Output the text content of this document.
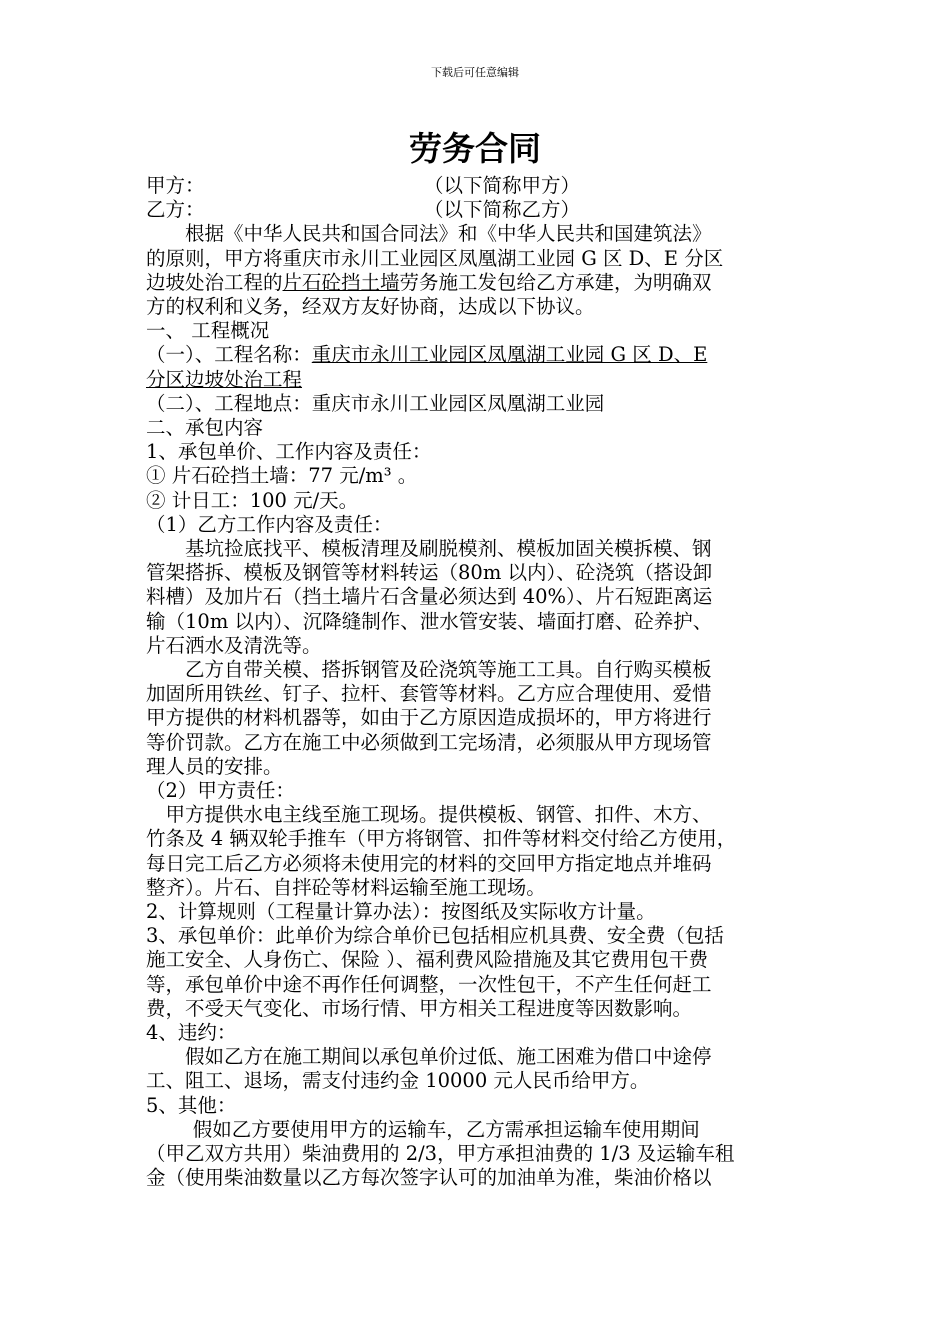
下载后可任意编辑
劳务合同

甲方：	（以下简称甲方）

乙方：	（以下简称乙方）

根据《中华人民共和国合同法》和《中华人民共和国建筑法》

的原则，甲方将重庆市永川工业园区凤凰湖工业园 G 区 D、E 分区

边坡处治工程的片石砼挡土墙劳务施工发包给乙方承建，为明确双

方的权利和义务，经双方友好协商，达成以下协议。

一、 工程概况

（一）、工程名称：重庆市永川工业园区凤凰湖工业园 G 区 D、E

分区边坡处治工程

（二）、工程地点：重庆市永川工业园区凤凰湖工业园

二、承包内容

1、承包单价、工作内容及责任：

① 片石砼挡土墙：77 元/m³ 。

② 计日工：100 元/天。

（1）乙方工作内容及责任：

基坑捡底找平、模板清理及刷脱模剂、模板加固关模拆模、钢

管架搭拆、模板及钢管等材料转运（80m 以内）、砼浇筑（搭设卸

料槽）及加片石（挡土墙片石含量必须达到 40%）、片石短距离运

输（10m 以内）、沉降缝制作、泄水管安装、墙面打磨、砼养护、

片石洒水及清洗等。

乙方自带关模、搭拆钢管及砼浇筑等施工工具。自行购买模板

加固所用铁丝、钉子、拉杆、套管等材料。乙方应合理使用、爱惜

甲方提供的材料机器等，如由于乙方原因造成损坏的，甲方将进行

等价罚款。乙方在施工中必须做到工完场清，必须服从甲方现场管

理人员的安排。

（2）甲方责任：

甲方提供水电主线至施工现场。提供模板、钢管、扣件、木方、

竹条及 4 辆双轮手推车（甲方将钢管、扣件等材料交付给乙方使用，

每日完工后乙方必须将未使用完的材料的交回甲方指定地点并堆码

整齐）。片石、自拌砼等材料运输至施工现场。

2、计算规则（工程量计算办法）：按图纸及实际收方计量。

3、承包单价：此单价为综合单价已包括相应机具费、安全费（包括

施工安全、人身伤亡、保险 ）、福利费风险措施及其它费用包干费

等，承包单价中途不再作任何调整，一次性包干，不产生任何赶工

费，不受天气变化、市场行情、甲方相关工程进度等因数影响。

4、违约：

假如乙方在施工期间以承包单价过低、施工困难为借口中途停

工、阻工、退场，需支付违约金 10000 元人民币给甲方。

5、其他：

假如乙方要使用甲方的运输车，乙方需承担运输车使用期间

（甲乙双方共用）柴油费用的 2/3，甲方承担油费的 1/3 及运输车租

金（使用柴油数量以乙方每次签字认可的加油单为准，柴油价格以
